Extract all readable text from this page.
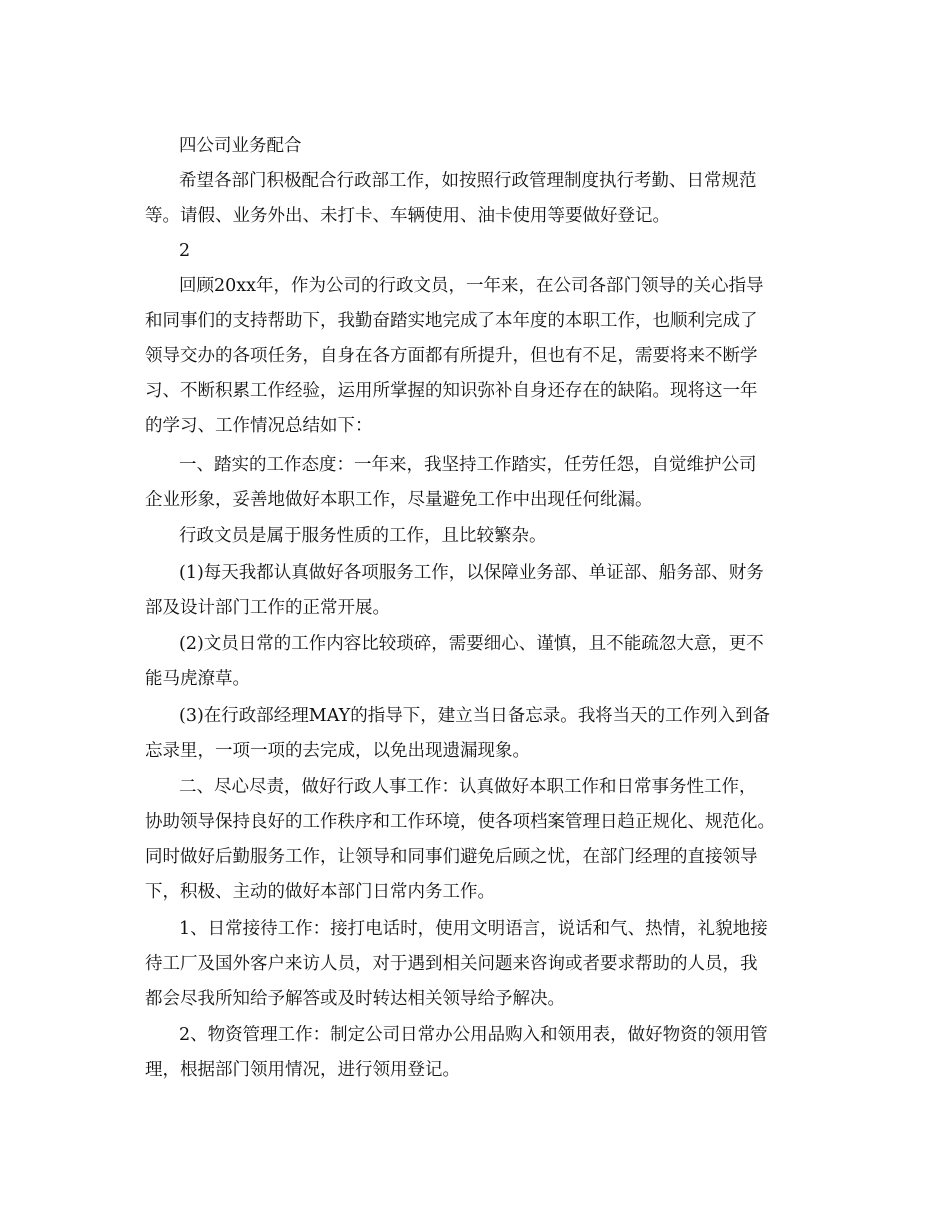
四公司业务配合
希望各部门积极配合行政部工作，如按照行政管理制度执行考勤、日常规范
等。请假、业务外出、未打卡、车辆使用、油卡使用等要做好登记。
2
回顾20xx年，作为公司的行政文员，一年来，在公司各部门领导的关心指导
和同事们的支持帮助下，我勤奋踏实地完成了本年度的本职工作，也顺利完成了
领导交办的各项任务，自身在各方面都有所提升，但也有不足，需要将来不断学
习、不断积累工作经验，运用所掌握的知识弥补自身还存在的缺陷。现将这一年
的学习、工作情况总结如下：
一、踏实的工作态度：一年来，我坚持工作踏实，任劳任怨，自觉维护公司
企业形象，妥善地做好本职工作，尽量避免工作中出现任何纰漏。
行政文员是属于服务性质的工作，且比较繁杂。
(1)每天我都认真做好各项服务工作，以保障业务部、单证部、船务部、财务
部及设计部门工作的正常开展。
(2)文员日常的工作内容比较琐碎，需要细心、谨慎，且不能疏忽大意，更不
能马虎潦草。
(3)在行政部经理MAY的指导下，建立当日备忘录。我将当天的工作列入到备
忘录里，一项一项的去完成，以免出现遗漏现象。
二、尽心尽责，做好行政人事工作：认真做好本职工作和日常事务性工作，
协助领导保持良好的工作秩序和工作环境，使各项档案管理日趋正规化、规范化。
同时做好后勤服务工作，让领导和同事们避免后顾之忧，在部门经理的直接领导
下，积极、主动的做好本部门日常内务工作。
1、日常接待工作：接打电话时，使用文明语言，说话和气、热情，礼貌地接
待工厂及国外客户来访人员，对于遇到相关问题来咨询或者要求帮助的人员，我
都会尽我所知给予解答或及时转达相关领导给予解决。
2、物资管理工作：制定公司日常办公用品购入和领用表，做好物资的领用管
理，根据部门领用情况，进行领用登记。
